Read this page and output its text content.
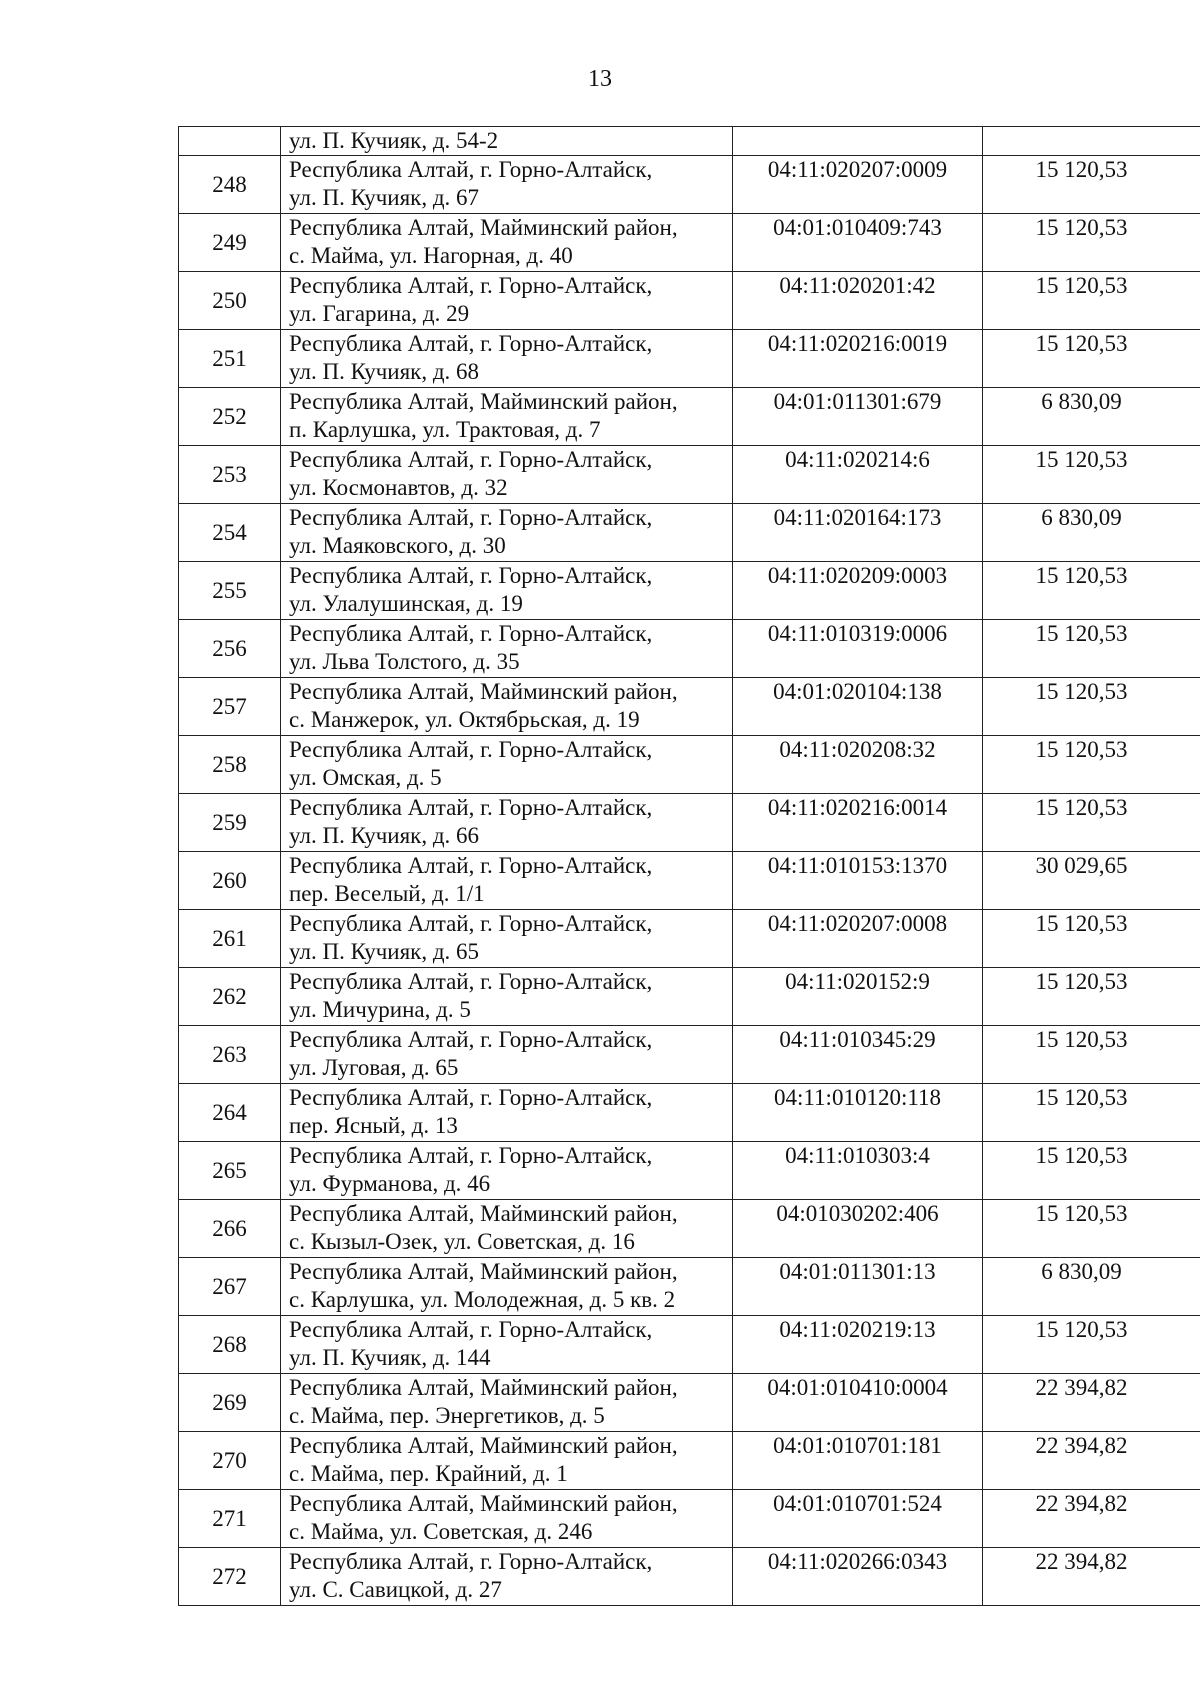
13

	ул. П. Кучияк, д. 54-2		

248	Республика Алтай, г. Горно-Алтайск,
ул. П. Кучияк, д. 67	04:11:020207:0009	15 120,53
249	Республика Алтай, Майминский район,
с. Майма, ул. Нагорная, д. 40	04:01:010409:743	15 120,53
250	Республика Алтай, г. Горно-Алтайск,
ул. Гагарина, д. 29	04:11:020201:42	15 120,53
251	Республика Алтай, г. Горно-Алтайск,
ул. П. Кучияк, д. 68	04:11:020216:0019	15 120,53
252	Республика Алтай, Майминский район,
п. Карлушка, ул. Трактовая, д. 7	04:01:011301:679	6 830,09
253	Республика Алтай, г. Горно-Алтайск,
ул. Космонавтов, д. 32	04:11:020214:6	15 120,53
254	Республика Алтай, г. Горно-Алтайск,
ул. Маяковского, д. 30	04:11:020164:173	6 830,09
255	Республика Алтай, г. Горно-Алтайск,
ул. Улалушинская, д. 19	04:11:020209:0003	15 120,53
256	Республика Алтай, г. Горно-Алтайск,
ул. Льва Толстого, д. 35	04:11:010319:0006	15 120,53
257	Республика Алтай, Майминский район,
с. Манжерок, ул. Октябрьская, д. 19	04:01:020104:138	15 120,53
258	Республика Алтай, г. Горно-Алтайск,
ул. Омская, д. 5	04:11:020208:32	15 120,53
259	Республика Алтай, г. Горно-Алтайск,
ул. П. Кучияк, д. 66	04:11:020216:0014	15 120,53
260	Республика Алтай, г. Горно-Алтайск,
пер. Веселый, д. 1/1	04:11:010153:1370	30 029,65
261	Республика Алтай, г. Горно-Алтайск,
ул. П. Кучияк, д. 65	04:11:020207:0008	15 120,53
262	Республика Алтай, г. Горно-Алтайск,
ул. Мичурина, д. 5	04:11:020152:9	15 120,53
263	Республика Алтай, г. Горно-Алтайск,
ул. Луговая, д. 65	04:11:010345:29	15 120,53
264	Республика Алтай, г. Горно-Алтайск,
пер. Ясный, д. 13	04:11:010120:118	15 120,53
265	Республика Алтай, г. Горно-Алтайск,
ул. Фурманова, д. 46	04:11:010303:4	15 120,53
266	Республика Алтай, Майминский район,
с. Кызыл-Озек, ул. Советская, д. 16	04:01030202:406	15 120,53
267	Республика Алтай, Майминский район,
с. Карлушка, ул. Молодежная, д. 5 кв. 2	04:01:011301:13	6 830,09
268	Республика Алтай, г. Горно-Алтайск,
ул. П. Кучияк, д. 144	04:11:020219:13	15 120,53
269	Республика Алтай, Майминский район,
с. Майма, пер. Энергетиков, д. 5	04:01:010410:0004	22 394,82
270	Республика Алтай, Майминский район,
с. Майма, пер. Крайний, д. 1	04:01:010701:181	22 394,82
271	Республика Алтай, Майминский район,
с. Майма, ул. Советская, д. 246	04:01:010701:524	22 394,82
272	Республика Алтай, г. Горно-Алтайск,
ул. С. Савицкой, д. 27	04:11:020266:0343	22 394,82
